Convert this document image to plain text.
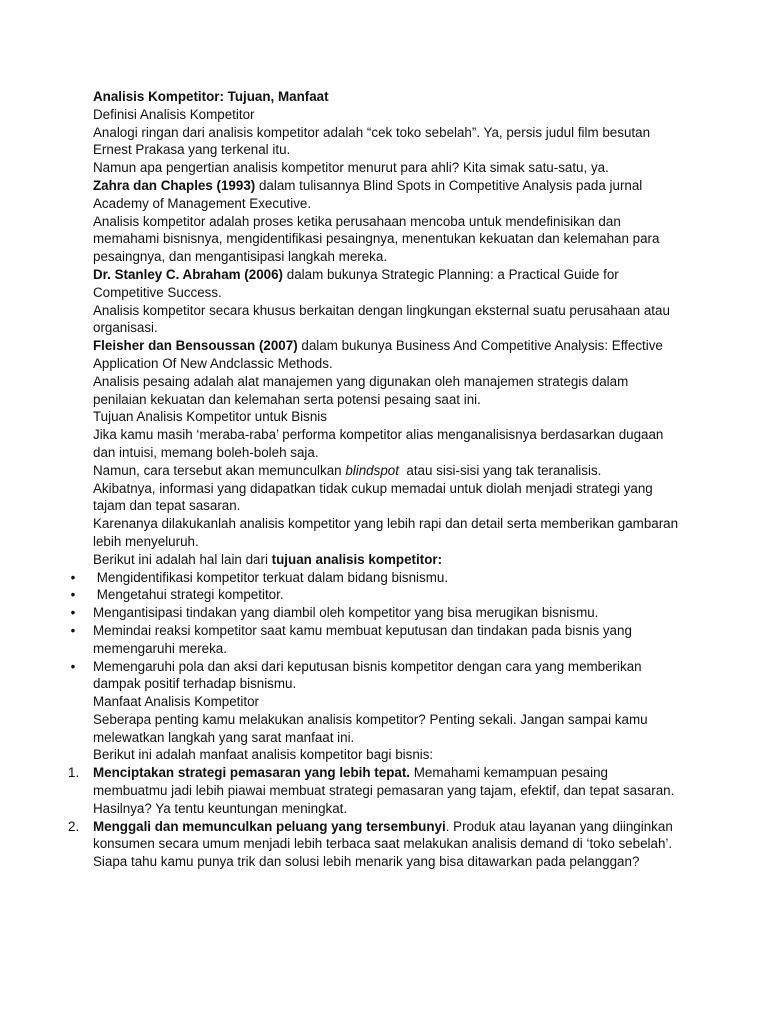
Analisis Kompetitor: Tujuan, Manfaat

Definisi Analisis Kompetitor

Analogi ringan dari analisis kompetitor adalah “cek toko sebelah”. Ya, persis judul film besutan Ernest Prakasa yang terkenal itu.

Namun apa pengertian analisis kompetitor menurut para ahli? Kita simak satu-satu, ya.

Zahra dan Chaples (1993) dalam tulisannya Blind Spots in Competitive Analysis pada jurnal Academy of Management Executive.

Analisis kompetitor adalah proses ketika perusahaan mencoba untuk mendefinisikan dan memahami bisnisnya, mengidentifikasi pesaingnya, menentukan kekuatan dan kelemahan para pesaingnya, dan mengantisipasi langkah mereka.

Dr. Stanley C. Abraham (2006) dalam bukunya Strategic Planning: a Practical Guide for Competitive Success.

Analisis kompetitor secara khusus berkaitan dengan lingkungan eksternal suatu perusahaan atau organisasi.

Fleisher dan Bensoussan (2007) dalam bukunya Business And Competitive Analysis: Effective Application Of New Andclassic Methods.

Analisis pesaing adalah alat manajemen yang digunakan oleh manajemen strategis dalam penilaian kekuatan dan kelemahan serta potensi pesaing saat ini.

Tujuan Analisis Kompetitor untuk Bisnis

Jika kamu masih ‘meraba-raba’ performa kompetitor alias menganalisisnya berdasarkan dugaan dan intuisi, memang boleh-boleh saja.

Namun, cara tersebut akan memunculkan blindspot  atau sisi-sisi yang tak teranalisis.

Akibatnya, informasi yang didapatkan tidak cukup memadai untuk diolah menjadi strategi yang tajam dan tepat sasaran.

Karenanya dilakukanlah analisis kompetitor yang lebih rapi dan detail serta memberikan gambaran lebih menyeluruh.

Berikut ini adalah hal lain dari tujuan analisis kompetitor:

• Mengidentifikasi kompetitor terkuat dalam bidang bisnismu.
• Mengetahui strategi kompetitor.
• Mengantisipasi tindakan yang diambil oleh kompetitor yang bisa merugikan bisnismu.
• Memindai reaksi kompetitor saat kamu membuat keputusan dan tindakan pada bisnis yang memengaruhi mereka.
• Memengaruhi pola dan aksi dari keputusan bisnis kompetitor dengan cara yang memberikan dampak positif terhadap bisnismu.

Manfaat Analisis Kompetitor

Seberapa penting kamu melakukan analisis kompetitor? Penting sekali. Jangan sampai kamu melewatkan langkah yang sarat manfaat ini.

Berikut ini adalah manfaat analisis kompetitor bagi bisnis:

1.	Menciptakan strategi pemasaran yang lebih tepat. Memahami kemampuan pesaing membuatmu jadi lebih piawai membuat strategi pemasaran yang tajam, efektif, dan tepat sasaran. Hasilnya? Ya tentu keuntungan meningkat.
2.	Menggali dan memunculkan peluang yang tersembunyi. Produk atau layanan yang diinginkan konsumen secara umum menjadi lebih terbaca saat melakukan analisis demand di ‘toko sebelah’.

Siapa tahu kamu punya trik dan solusi lebih menarik yang bisa ditawarkan pada pelanggan?
